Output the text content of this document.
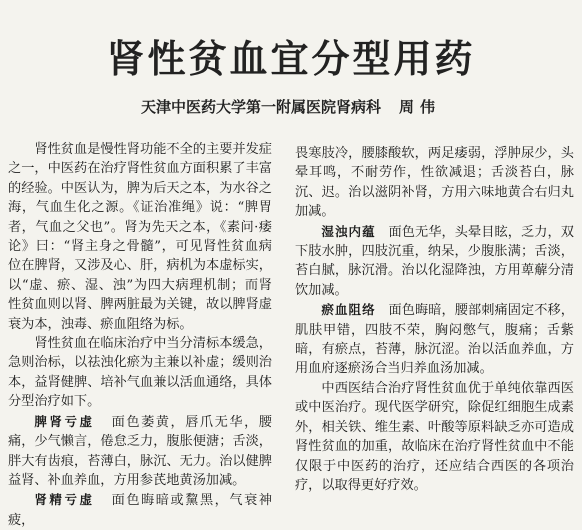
肾性贫血宜分型用药
天津中医药大学第一附属医院肾病科 周伟

肾性贫血是慢性肾功能不全的主要并发症之一，中医药在治疗肾性贫血方面积累了丰富的经验。中医认为，脾为后天之本，为水谷之海，气血生化之源。《证治准绳》说：“脾胃者，气血之父也”。肾为先天之本，《素问·痿论》曰：“肾主身之骨髓”，可见肾性贫血病位在脾肾，又涉及心、肝，病机为本虚标实，以“虚、瘀、湿、浊”为四大病理机制；而肾性贫血则以肾、脾两脏最为关键，故以脾肾虚衰为本，浊毒、瘀血阻络为标。

肾性贫血在临床治疗中当分清标本缓急，急则治标，以祛浊化瘀为主兼以补虚；缓则治本，益肾健脾、培补气血兼以活血通络，具体分型治疗如下。

脾肾亏虚 面色萎黄，唇爪无华，腰痛，少气懒言，倦怠乏力，腹胀便溏；舌淡，胖大有齿痕，苔薄白，脉沉、无力。治以健脾益肾、补血养血，方用参芪地黄汤加减。

肾精亏虚 面色晦暗或黧黑，气衰神疲，

畏寒肢冷，腰膝酸软，两足痿弱，浮肿尿少，头晕耳鸣，不耐劳作，性欲减退；舌淡苔白，脉沉、迟。治以滋阴补肾，方用六味地黄合右归丸加减。

湿浊内蕴 面色无华，头晕目眩，乏力，双下肢水肿，四肢沉重，纳呆，少腹胀满；舌淡，苔白腻，脉沉滑。治以化湿降浊，方用萆薢分清饮加减。

瘀血阻络 面色晦暗，腰部刺痛固定不移，肌肤甲错，四肢不荣，胸闷憋气，腹痛；舌紫暗，有瘀点，苔薄，脉沉涩。治以活血养血，方用血府逐瘀汤合当归养血汤加减。

中西医结合治疗肾性贫血优于单纯依靠西医或中医治疗。现代医学研究，除促红细胞生成素外，相关铁、维生素、叶酸等原料缺乏亦可造成肾性贫血的加重，故临床在治疗肾性贫血中不能仅限于中医药的治疗，还应结合西医的各项治疗，以取得更好疗效。
